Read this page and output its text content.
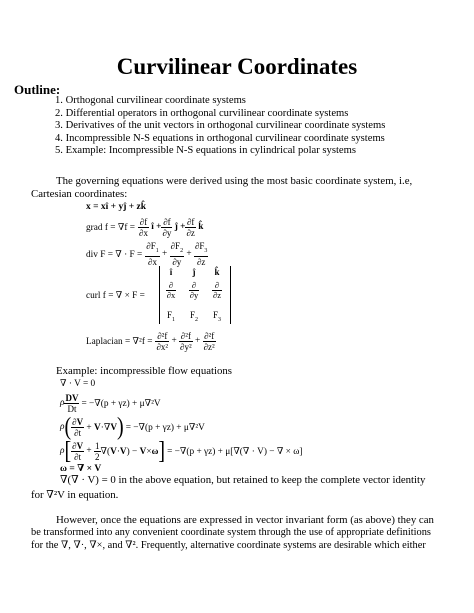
Curvilinear Coordinates
Outline:
1. Orthogonal curvilinear coordinate systems
2. Differential operators in orthogonal curvilinear coordinate systems
3. Derivatives of the unit vectors in orthogonal curvilinear coordinate systems
4. Incompressible N-S equations in orthogonal curvilinear coordinate systems
5. Example: Incompressible N-S equations in cylindrical polar systems
The governing equations were derived using the most basic coordinate system, i.e,
Cartesian coordinates:
x = xî + yĵ + zk̂
grad $f = \nabla f = \frac{\partial f}{\partial x}$ î + $\frac{\partial f}{\partial y}$ ĵ + $\frac{\partial f}{\partial z}$ k̂
div F = ∇ · $F = \frac{\partial F_1}{\partial x} + \frac{\partial F_2}{\partial y} + \frac{\partial F_3}{\partial z}$
curl f = ∇ × F =
î	ĵ	k̂
$\frac{\partial}{\partial x} \frac{\partial}{\partial y} \frac{\partial}{\partial z}$
$F_1$	$F_2$	$F_3$
Laplacian = $\nabla^2f = \frac{\text{∂²f}}{\text{∂x²}} + \frac{\text{∂²f}}{\text{∂y²}} + \frac{\text{∂²f}}{\text{∂z²}}$
Example: incompressible flow equations
∇ · V = 0
ρ $\frac{DV}{Dt} = -\nabla(p + \gamma z) + \mu\nabla^2V$
ρ ( $\frac{\partial V}{\partial t} + V\cdot\nabla V$ ) = −∇(p + γz) + μ∇²V
ρ [ $\frac{\partial V}{\partial t} + \frac{1}{2} \nabla(V\cdot V) - V\times\omega$ ] = −∇(p + γz) + μ[∇(∇ · V) − ∇ × ω]
ω = ∇ × V
∇(∇ · V) = 0 in the above equation, but retained to keep the complete vector identity
for ∇²V in equation.
However, once the equations are expressed in vector invariant form (as above) they can
be transformed into any convenient coordinate system through the use of appropriate definitions
for the ∇, ∇·, ∇×, and ∇². Frequently, alternative coordinate systems are desirable which either
